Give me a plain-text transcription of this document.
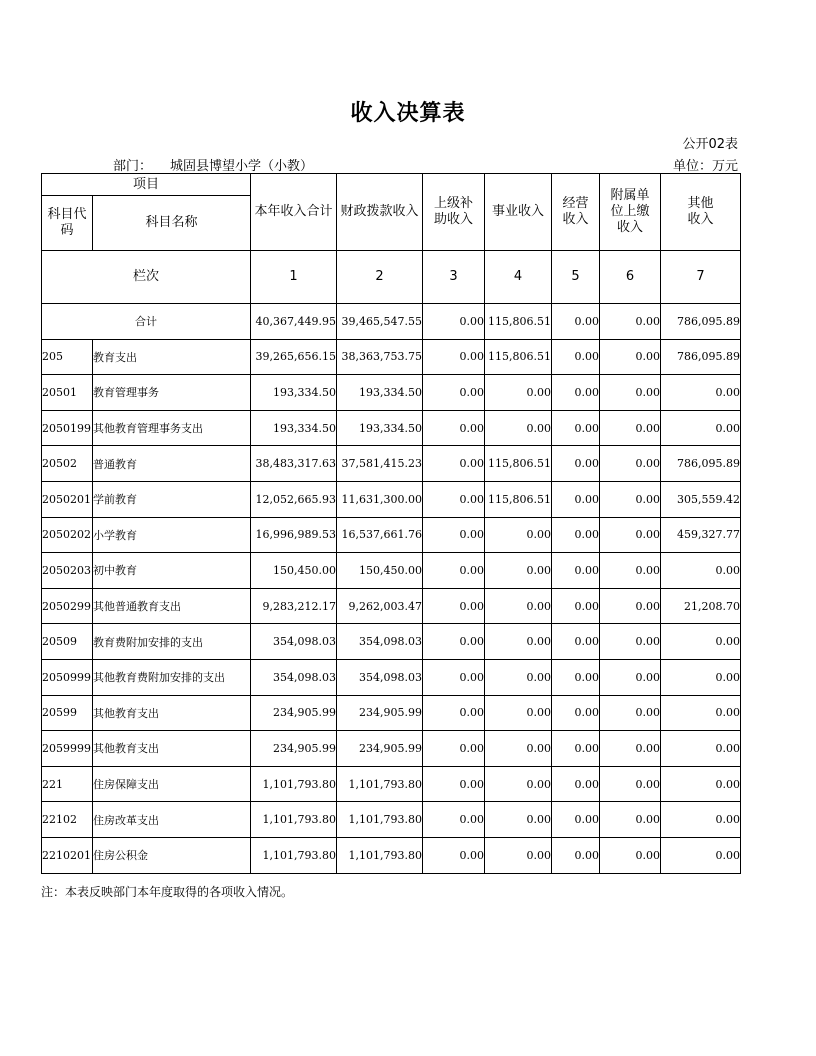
收入决算表
公开02表
部门： 城固县博望小学（小教）	单位：万元
项目		本年收入合计	财政拨款收入	上级补助收入	事业收入	经营收入	附属单位上缴收入	其他收入

科目代码	科目名称							
栏次		1	2	3	4	5	6	7
合计		40,367,449.95	39,465,547.55	0.00	115,806.51	0.00	0.00	786,095.89
205	教育支出	39,265,656.15	38,363,753.75	0.00	115,806.51	0.00	0.00	786,095.89
20501	教育管理事务	193,334.50	193,334.50	0.00	0.00	0.00	0.00	0.00
2050199	其他教育管理事务支出	193,334.50	193,334.50	0.00	0.00	0.00	0.00	0.00
20502	普通教育	38,483,317.63	37,581,415.23	0.00	115,806.51	0.00	0.00	786,095.89
2050201	学前教育	12,052,665.93	11,631,300.00	0.00	115,806.51	0.00	0.00	305,559.42
2050202	小学教育	16,996,989.53	16,537,661.76	0.00	0.00	0.00	0.00	459,327.77
2050203	初中教育	150,450.00	150,450.00	0.00	0.00	0.00	0.00	0.00
2050299	其他普通教育支出	9,283,212.17	9,262,003.47	0.00	0.00	0.00	0.00	21,208.70
20509	教育费附加安排的支出	354,098.03	354,098.03	0.00	0.00	0.00	0.00	0.00
2050999	其他教育费附加安排的支出	354,098.03	354,098.03	0.00	0.00	0.00	0.00	0.00
20599	其他教育支出	234,905.99	234,905.99	0.00	0.00	0.00	0.00	0.00
2059999	其他教育支出	234,905.99	234,905.99	0.00	0.00	0.00	0.00	0.00
221	住房保障支出	1,101,793.80	1,101,793.80	0.00	0.00	0.00	0.00	0.00
22102	住房改革支出	1,101,793.80	1,101,793.80	0.00	0.00	0.00	0.00	0.00
2210201	住房公积金	1,101,793.80	1,101,793.80	0.00	0.00	0.00	0.00	0.00
注：本表反映部门本年度取得的各项收入情况。
